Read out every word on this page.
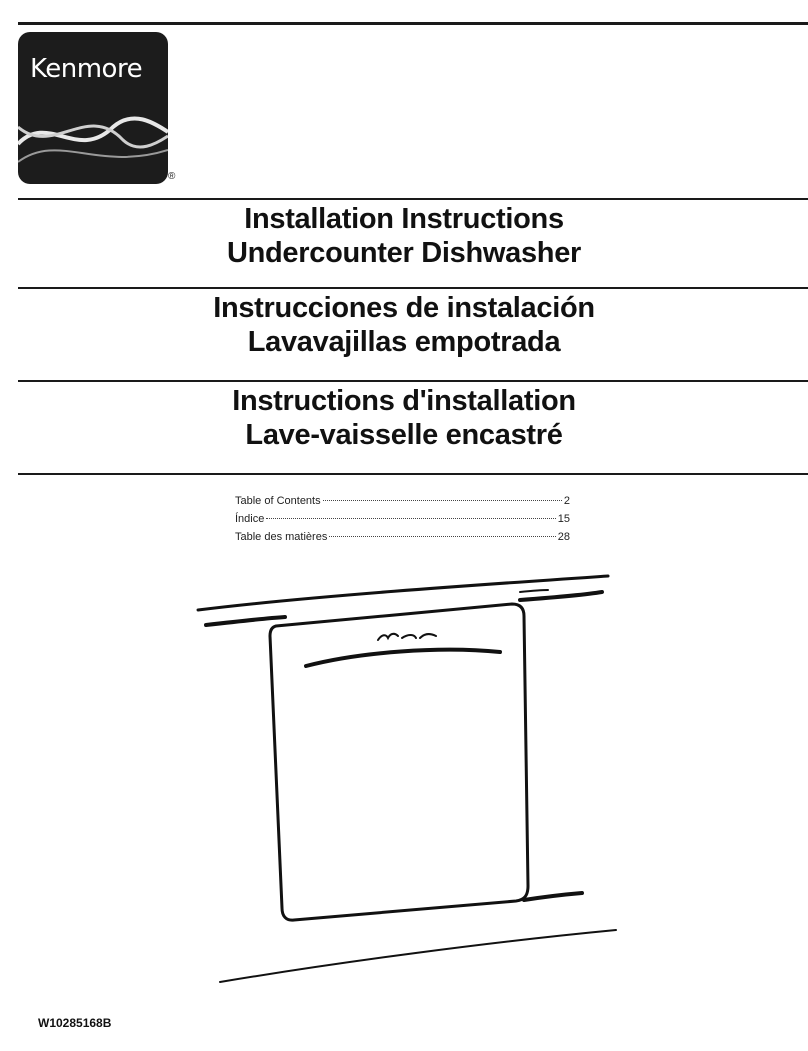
Kenmore
®
Installation Instructions
Undercounter Dishwasher
Instrucciones de instalación
Lavavajillas empotrada
Instructions d'installation
Lave-vaisselle encastré
Table of Contents	2
Índice	15
Table des matières	28
W10285168B
